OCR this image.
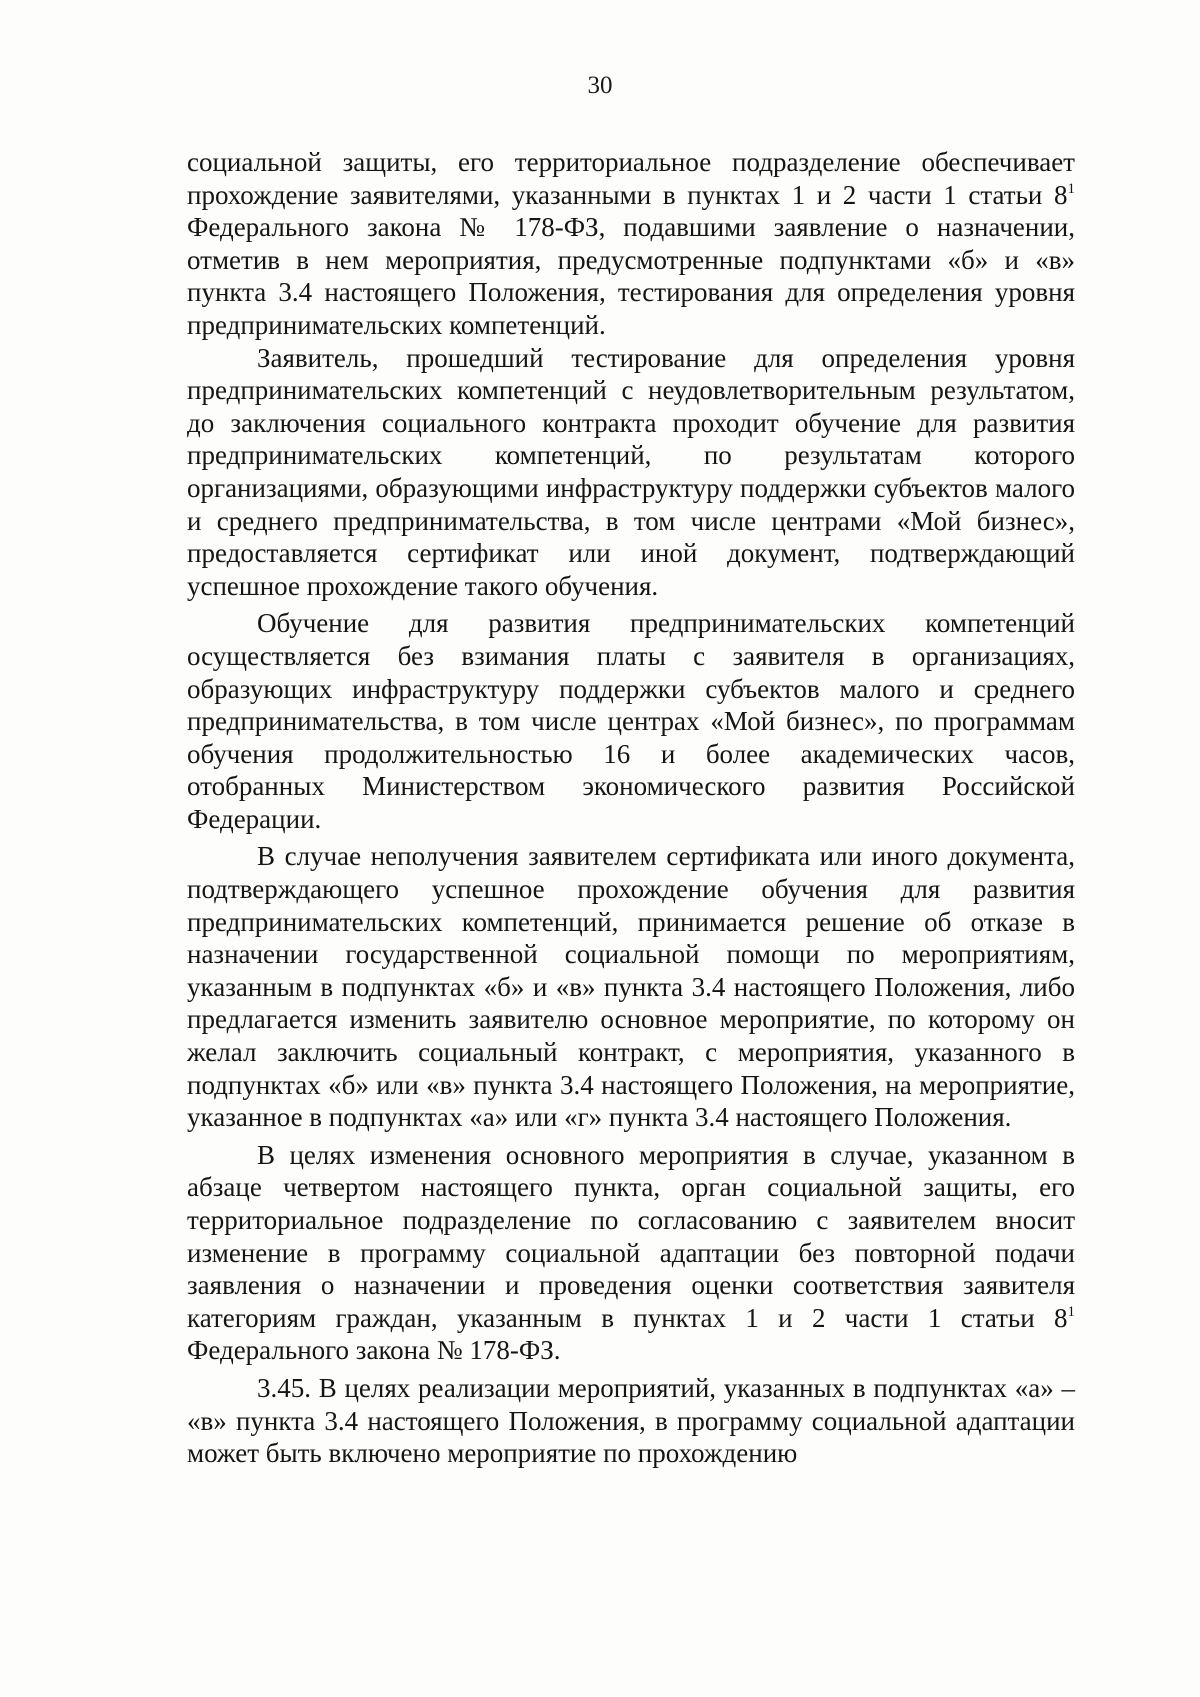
30

социальной защиты, его территориальное подразделение обеспечивает прохождение заявителями, указанными в пунктах 1 и 2 части 1 статьи $8^1$ Федерального закона № 178-ФЗ, подавшими заявление о назначении, отметив в нем мероприятия, предусмотренные подпунктами «б» и «в» пункта 3.4 настоящего Положения, тестирования для определения уровня предпринимательских компетенций.

Заявитель, прошедший тестирование для определения уровня предпринимательских компетенций с неудовлетворительным результатом, до заключения социального контракта проходит обучение для развития предпринимательских компетенций, по результатам которого организациями, образующими инфраструктуру поддержки субъектов малого и среднего предпринимательства, в том числе центрами «Мой бизнес», предоставляется сертификат или иной документ, подтверждающий успешное прохождение такого обучения.

Обучение для развития предпринимательских компетенций осуществляется без взимания платы с заявителя в организациях, образующих инфраструктуру поддержки субъектов малого и среднего предпринимательства, в том числе центрах «Мой бизнес», по программам обучения продолжительностью 16 и более академических часов, отобранных Министерством экономического развития Российской Федерации.

В случае неполучения заявителем сертификата или иного документа, подтверждающего успешное прохождение обучения для развития предпринимательских компетенций, принимается решение об отказе в назначении государственной социальной помощи по мероприятиям, указанным в подпунктах «б» и «в» пункта 3.4 настоящего Положения, либо предлагается изменить заявителю основное мероприятие, по которому он желал заключить социальный контракт, с мероприятия, указанного в подпунктах «б» или «в» пункта 3.4 настоящего Положения, на мероприятие, указанное в подпунктах «а» или «г» пункта 3.4 настоящего Положения.

В целях изменения основного мероприятия в случае, указанном в абзаце четвертом настоящего пункта, орган социальной защиты, его территориальное подразделение по согласованию с заявителем вносит изменение в программу социальной адаптации без повторной подачи заявления о назначении и проведения оценки соответствия заявителя категориям граждан, указанным в пунктах 1 и 2 части 1 статьи $8^1$ Федерального закона № 178-ФЗ.

3.45. В целях реализации мероприятий, указанных в подпунктах «а» – «в» пункта 3.4 настоящего Положения, в программу социальной адаптации может быть включено мероприятие по прохождению
